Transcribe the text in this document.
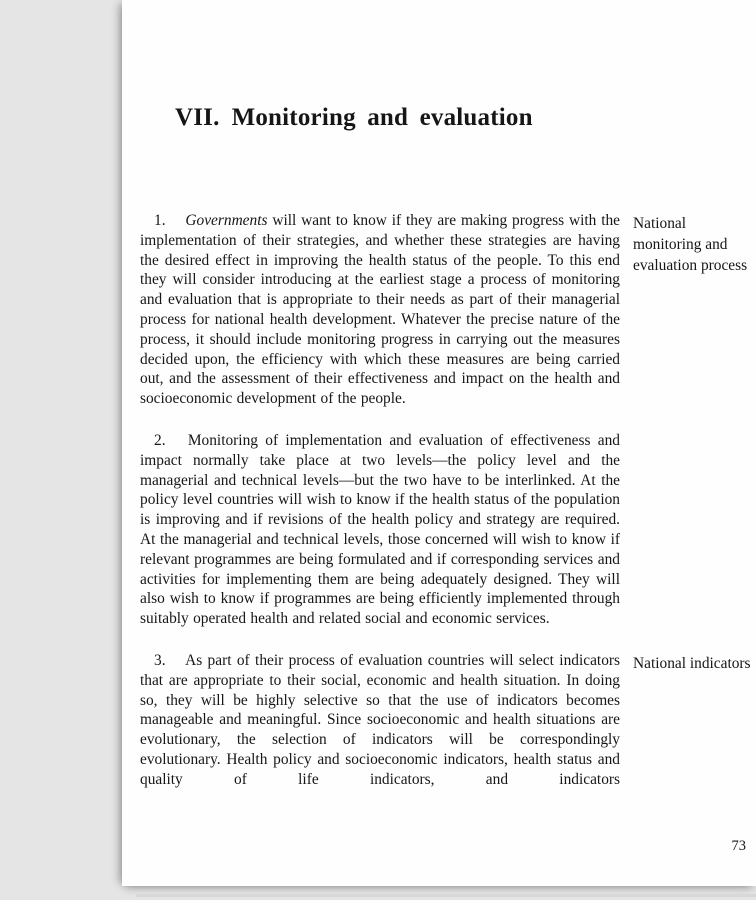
VII. Monitoring and evaluation

1. Governments will want to know if they are making progress with the implementation of their strategies, and whether these strategies are having the desired effect in improving the health status of the people. To this end they will consider introducing at the earliest stage a process of monitoring and evaluation that is appropriate to their needs as part of their managerial process for national health development. Whatever the precise nature of the process, it should include monitoring progress in carrying out the measures decided upon, the efficiency with which these measures are being carried out, and the assessment of their effectiveness and impact on the health and socioeconomic development of the people.

National monitoring and evaluation process

2. Monitoring of implementation and evaluation of effectiveness and impact normally take place at two levels—the policy level and the managerial and technical levels—but the two have to be interlinked. At the policy level countries will wish to know if the health status of the population is improving and if revisions of the health policy and strategy are required. At the managerial and technical levels, those concerned will wish to know if relevant programmes are being formulated and if corresponding services and activities for implementing them are being adequately designed. They will also wish to know if programmes are being efficiently implemented through suitably operated health and related social and economic services.

3. As part of their process of evaluation countries will select indicators that are appropriate to their social, economic and health situation. In doing so, they will be highly selective so that the use of indicators becomes manageable and meaningful. Since socioeconomic and health situations are evolutionary, the selection of indicators will be correspondingly evolutionary. Health policy and socioeconomic indicators, health status and quality of life indicators, and indicators

National indicators
73
